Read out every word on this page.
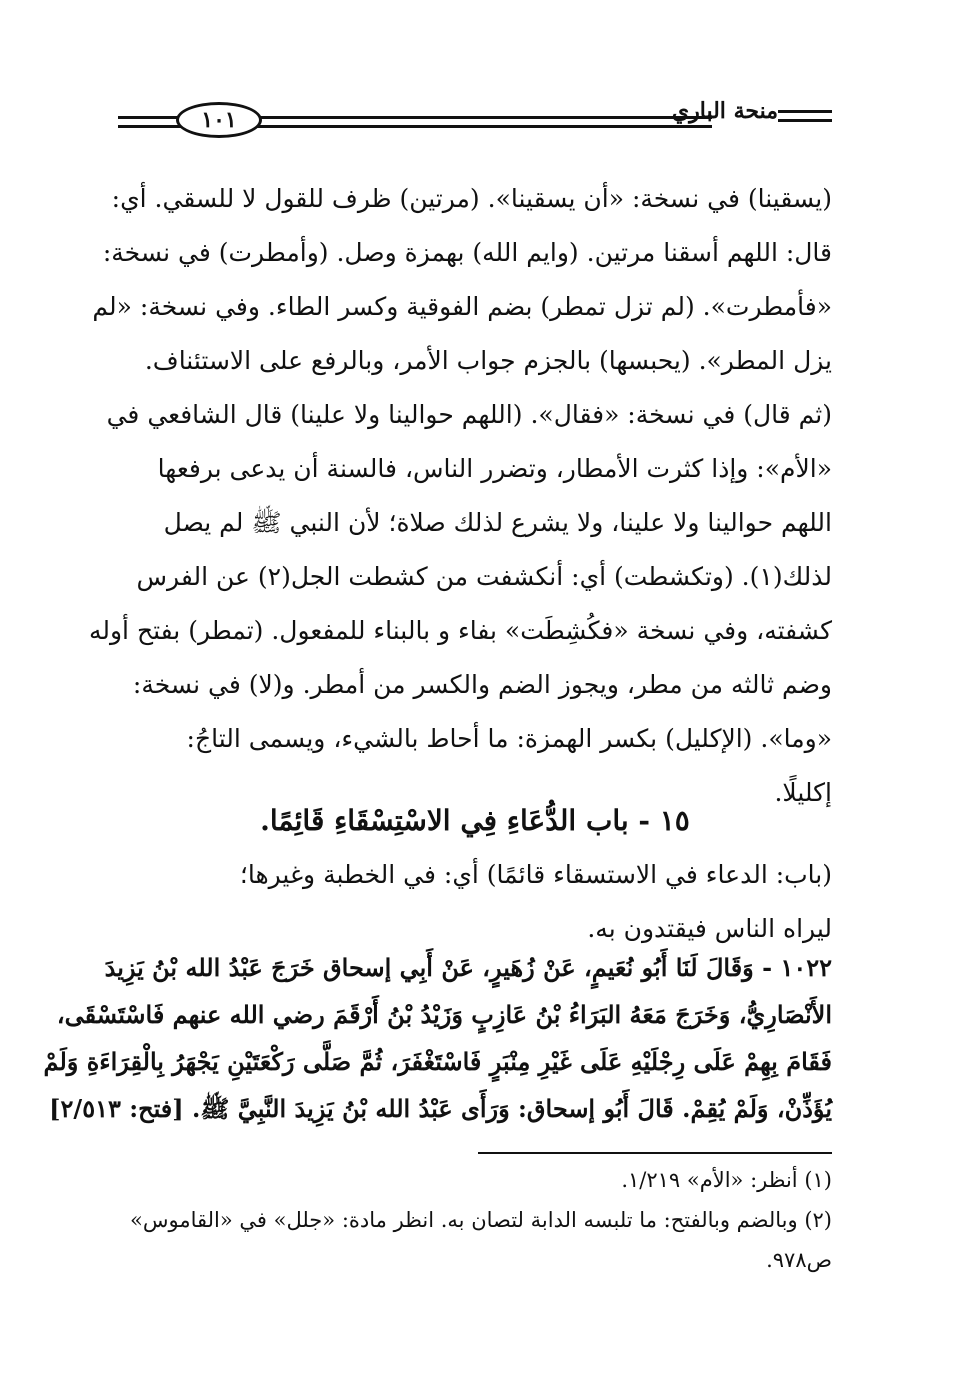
١٠١	منحة الباري
(يسقينا) في نسخة: «أن يسقينا». (مرتين) ظرف للقول لا للسقي. أي:
قال: اللهم أسقنا مرتين. (وايم الله) بهمزة وصل. (وأمطرت) في نسخة:
«فأمطرت». (لم تزل تمطر) بضم الفوقية وكسر الطاء. وفي نسخة: «لم
يزل المطر». (يحبسها) بالجزم جواب الأمر، وبالرفع على الاستئناف.
(ثم قال) في نسخة: «فقال». (اللهم حوالينا ولا علينا) قال الشافعي في
«الأم»: وإذا كثرت الأمطار، وتضرر الناس، فالسنة أن يدعى برفعها
اللهم حوالينا ولا علينا، ولا يشرع لذلك صلاة؛ لأن النبي ﷺ لم يصل
لذلك(١). (وتكشطت) أي: أنكشفت من كشطت الجل(٢) عن الفرس
كشفته، وفي نسخة «فكُشِطَت» بفاء و بالبناء للمفعول. (تمطر) بفتح أوله
وضم ثالثه من مطر، ويجوز الضم والكسر من أمطر. و(لا) في نسخة:
«وما». (الإكليل) بكسر الهمزة: ما أحاط بالشيء، ويسمى التاجُ:
إكليلًا.
١٥ - باب الدُّعَاءِ فِي الاسْتِسْقَاءِ قَائِمًا.
(باب: الدعاء في الاستسقاء قائمًا) أي: في الخطبة وغيرها؛
ليراه الناس فيقتدون به.
١٠٢٢ - وَقَالَ لَنَا أَبُو نُعَيمٍ، عَنْ زُهَيرٍ، عَنْ أَبِي إسحاق خَرَجَ عَبْدُ الله بْنُ يَزِيدَ
الأَنْصَارِيُّ، وَخَرَجَ مَعَهُ البَرَاءُ بْنُ عَازِبٍ وَزَيْدُ بْنُ أَرْقَمَ رضي الله عنهم فَاسْتَسْقَى،
فَقَامَ بِهِمْ عَلَى رِجْلَيْهِ عَلَى غَيْرِ مِنْبَرٍ فَاسْتَغْفَرَ، ثُمَّ صَلَّى رَكْعَتَيْنِ يَجْهَرُ بِالْقِرَاءَةِ وَلَمْ
يُؤَذِّنْ، وَلَمْ يُقِمْ. قَالَ أَبُو إسحاق: وَرَأَى عَبْدُ الله بْنُ يَزِيدَ النَّبِيَّ ﷺ. [فتح: ٢/٥١٣]
(١) أنظر: «الأم» ١/٢١٩.
(٢) وبالضم وبالفتح: ما تلبسه الدابة لتصان به. انظر مادة: «جلل» في «القاموس»
ص٩٧٨.
